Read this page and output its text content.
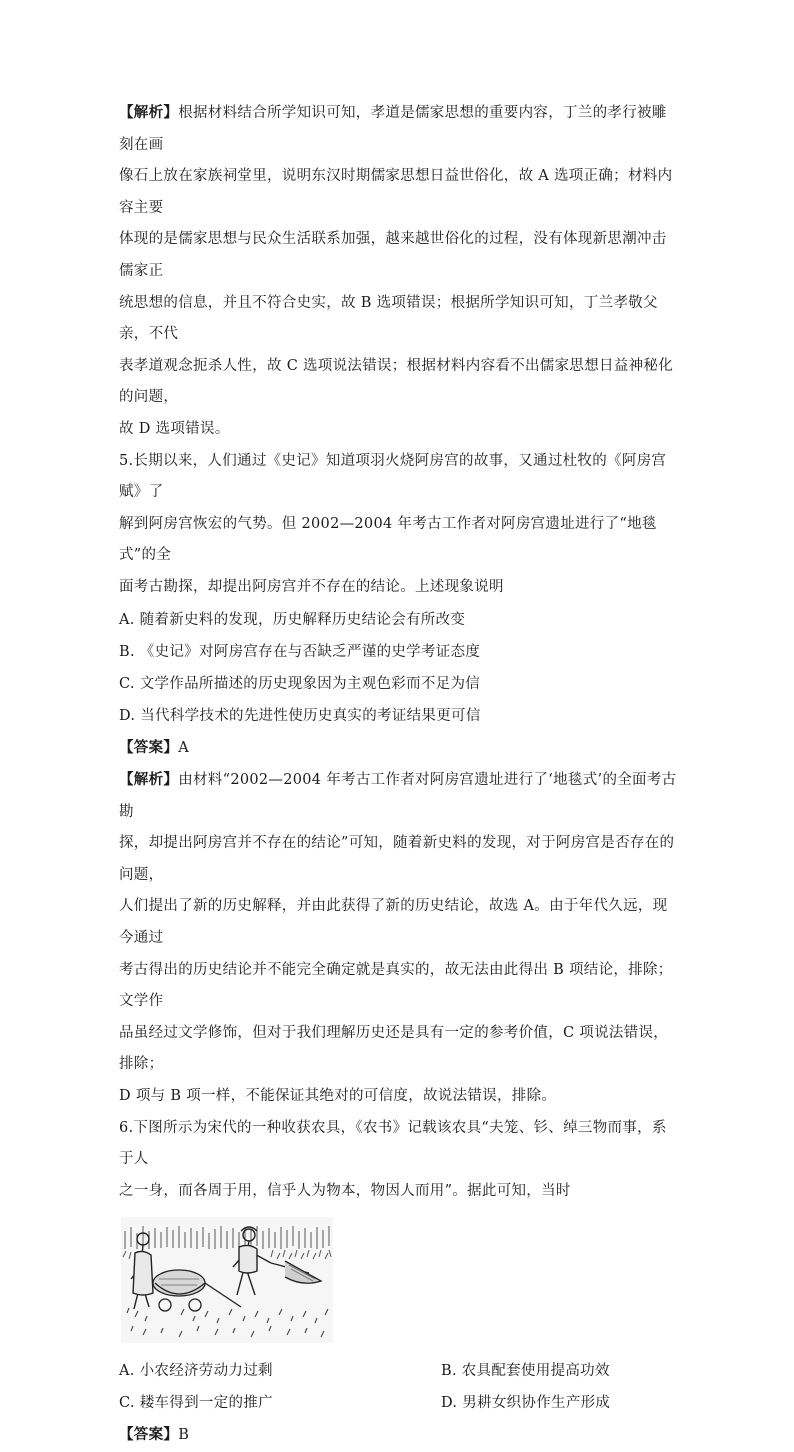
【解析】根据材料结合所学知识可知，孝道是儒家思想的重要内容，丁兰的孝行被雕刻在画

像石上放在家族祠堂里，说明东汉时期儒家思想日益世俗化，故 A 选项正确；材料内容主要

体现的是儒家思想与民众生活联系加强，越来越世俗化的过程，没有体现新思潮冲击儒家正

统思想的信息，并且不符合史实，故 B 选项错误；根据所学知识可知，丁兰孝敬父亲，不代

表孝道观念扼杀人性，故 C 选项说法错误；根据材料内容看不出儒家思想日益神秘化的问题，

故 D 选项错误。

5.长期以来，人们通过《史记》知道项羽火烧阿房宫的故事，又通过杜牧的《阿房宫赋》了

解到阿房宫恢宏的气势。但 2002—2004 年考古工作者对阿房宫遗址进行了“地毯式”的全

面考古勘探，却提出阿房宫并不存在的结论。上述现象说明

A. 随着新史料的发现，历史解释历史结论会有所改变

B. 《史记》对阿房宫存在与否缺乏严谨的史学考证态度

C. 文学作品所描述的历史现象因为主观色彩而不足为信

D. 当代科学技术的先进性使历史真实的考证结果更可信

【答案】A

【解析】由材料“2002—2004 年考古工作者对阿房宫遗址进行了‘地毯式’的全面考古勘

探，却提出阿房宫并不存在的结论”可知，随着新史料的发现，对于阿房宫是否存在的问题，

人们提出了新的历史解释，并由此获得了新的历史结论，故选 A。由于年代久远，现今通过

考古得出的历史结论并不能完全确定就是真实的，故无法由此得出 B 项结论，排除；文学作

品虽经过文学修饰，但对于我们理解历史还是具有一定的参考价值，C 项说法错误，排除；

D 项与 B 项一样，不能保证其绝对的可信度，故说法错误，排除。

6.下图所示为宋代的一种收获农具，《农书》记载该农具“夫笼、钐、绰三物而事，系于人

之一身，而各周于用，信乎人为物本，物因人而用”。据此可知，当时

A. 小农经济劳动力过剩	B. 农具配套使用提高功效

C. 耧车得到一定的推广	D. 男耕女织协作生产形成

【答案】B
